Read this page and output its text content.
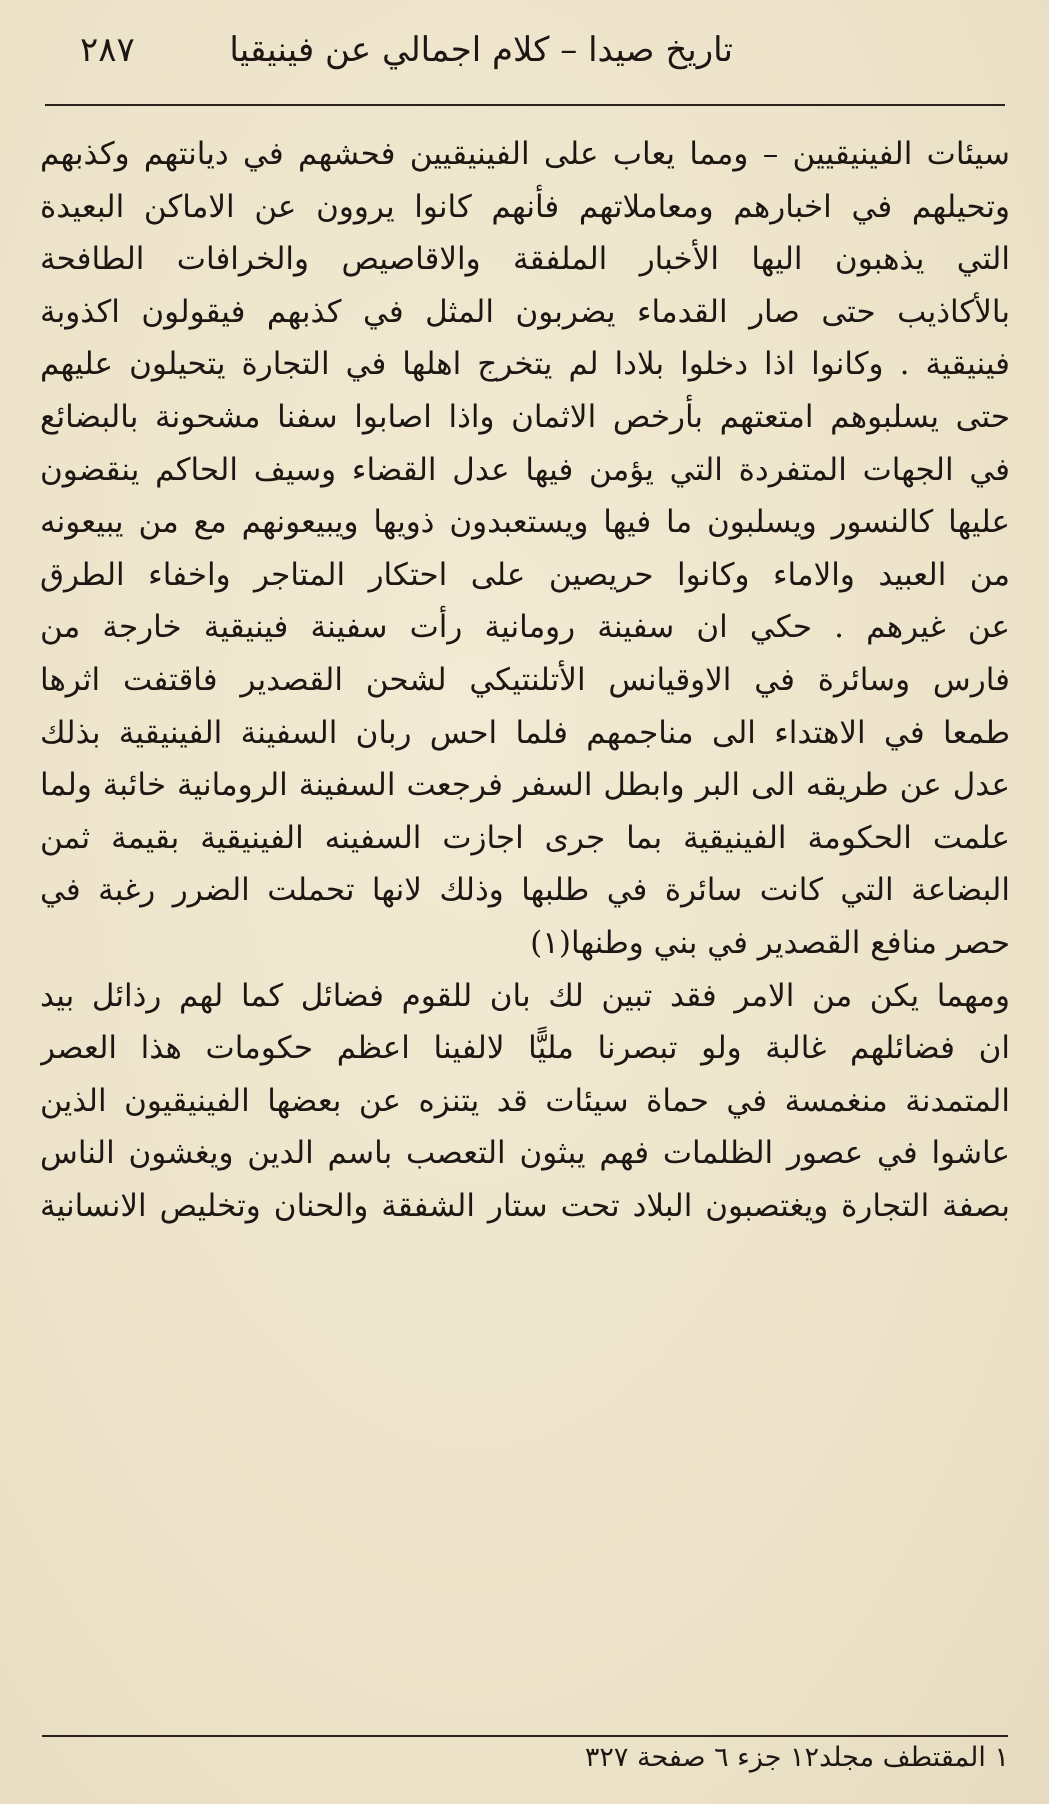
تاريخ صيدا – كلام اجمالي عن فينيقيا
٢٨٧
سيئات الفينيقيين – ومما يعاب على الفينيقيين فحشهم في ديانتهم وكذبهم
وتحيلهم في اخبارهم ومعاملاتهم فأنهم كانوا يروون عن الاماكن البعيدة
التي يذهبون اليها الأخبار الملفقة والاقاصيص والخرافات الطافحة
بالأكاذيب حتى صار القدماء يضربون المثل في كذبهم فيقولون اكذوبة
فينيقية . وكانوا اذا دخلوا بلادا لم يتخرج اهلها في التجارة يتحيلون عليهم
حتى يسلبوهم امتعتهم بأرخص الاثمان واذا اصابوا سفنا مشحونة بالبضائع
في الجهات المتفردة التي يؤمن فيها عدل القضاء وسيف الحاكم ينقضون
عليها كالنسور ويسلبون ما فيها ويستعبدون ذويها ويبيعونهم مع من يبيعونه
من العبيد والاماء وكانوا حريصين على احتكار المتاجر واخفاء الطرق
عن غيرهم . حكي ان سفينة رومانية رأت سفينة فينيقية خارجة من
فارس وسائرة في الاوقيانس الأتلنتيكي لشحن القصدير فاقتفت اثرها
طمعا في الاهتداء الى مناجمهم فلما احس ربان السفينة الفينيقية بذلك
عدل عن طريقه الى البر وابطل السفر فرجعت السفينة الرومانية خائبة ولما
علمت الحكومة الفينيقية بما جرى اجازت السفينه الفينيقية بقيمة ثمن
البضاعة التي كانت سائرة في طلبها وذلك لانها تحملت الضرر رغبة في
حصر منافع القصدير في بني وطنها(١)
ومهما يكن من الامر فقد تبين لك بان للقوم فضائل كما لهم رذائل بيد
ان فضائلهم غالبة ولو تبصرنا مليًّا لالفينا اعظم حكومات هذا العصر
المتمدنة منغمسة في حماة سيئات قد يتنزه عن بعضها الفينيقيون الذين
عاشوا في عصور الظلمات فهم يبثون التعصب باسم الدين ويغشون الناس
بصفة التجارة ويغتصبون البلاد تحت ستار الشفقة والحنان وتخليص الانسانية
١ المقتطف مجلد١٢ جزء ٦ صفحة ٣٢٧
